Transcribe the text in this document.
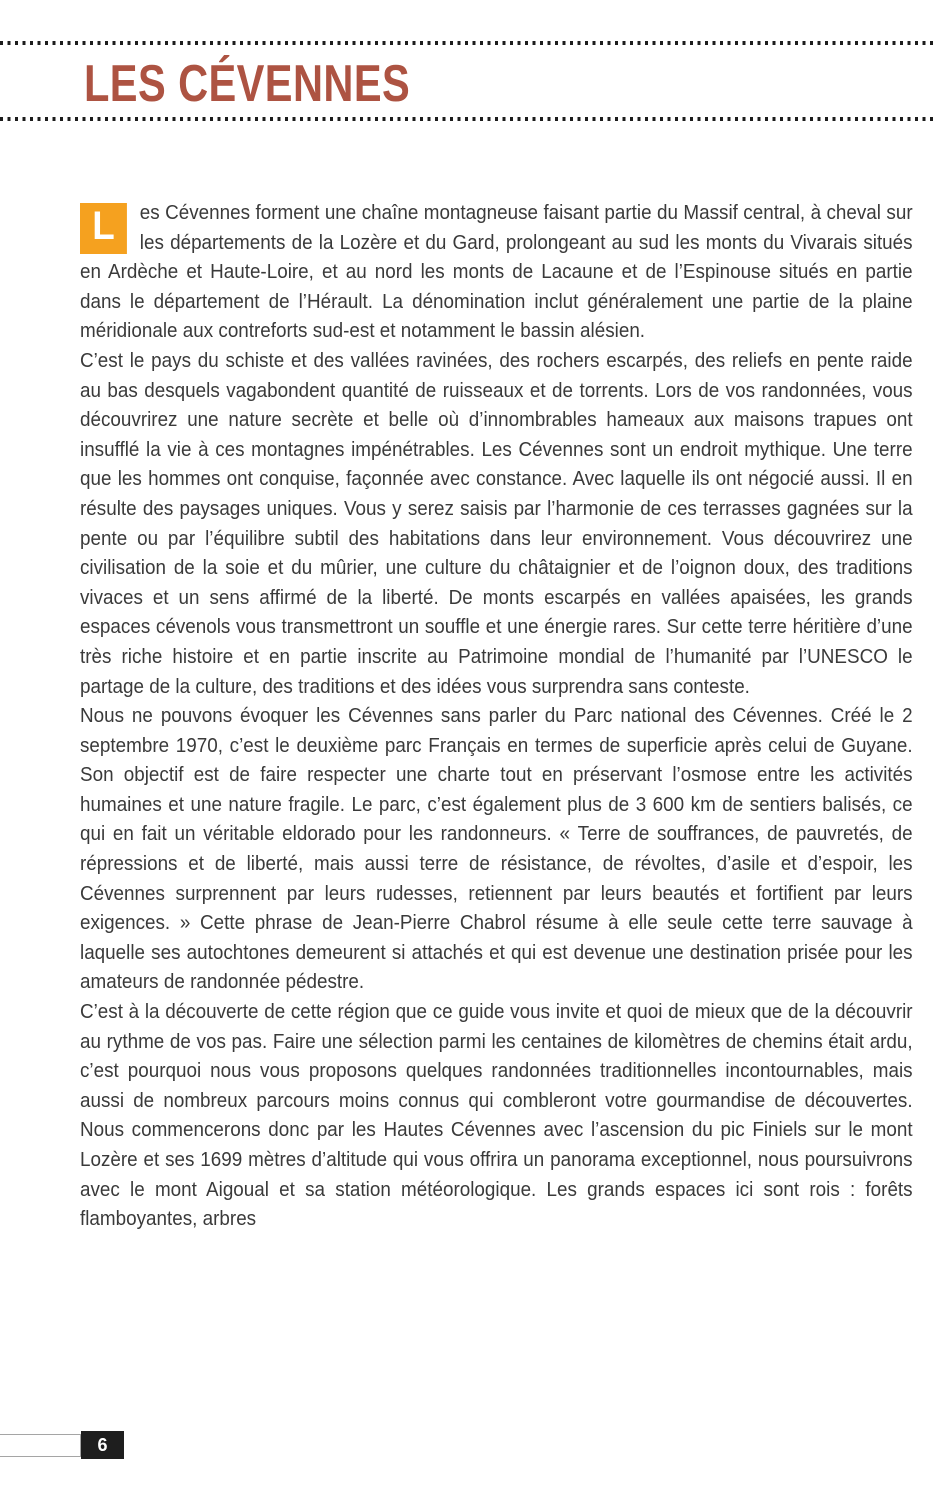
LES CÉVENNES

L	es Cévennes forment une chaîne montagneuse faisant partie du Massif central, à cheval sur les départements de la Lozère et du Gard, prolongeant au sud les monts du Vivarais situés en Ardèche et Haute-Loire, et au nord les monts de Lacaune et de l’Espinouse situés en partie dans le département de l’Hérault. La dénomination inclut généralement une partie de la plaine méridionale aux contreforts sud-est et notamment le bassin alésien.

C’est le pays du schiste et des vallées ravinées, des rochers escarpés, des reliefs en pente raide au bas desquels vagabondent quantité de ruisseaux et de torrents. Lors de vos randonnées, vous découvrirez une nature secrète et belle où d’innombrables hameaux aux maisons trapues ont insufflé la vie à ces montagnes impénétrables. Les Cévennes sont un endroit mythique. Une terre que les hommes ont conquise, façonnée avec constance. Avec laquelle ils ont négocié aussi. Il en résulte des paysages uniques. Vous y serez saisis par l’harmonie de ces terrasses gagnées sur la pente ou par l’équilibre subtil des habitations dans leur environnement. Vous découvrirez une civilisation de la soie et du mûrier, une culture du châtaignier et de l’oignon doux, des traditions vivaces et un sens affirmé de la liberté. De monts escarpés en vallées apaisées, les grands espaces cévenols vous transmettront un souffle et une énergie rares. Sur cette terre héritière d’une très riche histoire et en partie inscrite au Patrimoine mondial de l’humanité par l’UNESCO le partage de la culture, des traditions et des idées vous surprendra sans conteste.

Nous ne pouvons évoquer les Cévennes sans parler du Parc national des Cévennes. Créé le 2 septembre 1970, c’est le deuxième parc Français en termes de superficie après celui de Guyane. Son objectif est de faire respecter une charte tout en préservant l’osmose entre les activités humaines et une nature fragile. Le parc, c’est également plus de 3 600 km de sentiers balisés, ce qui en fait un véritable eldorado pour les randonneurs. « Terre de souffrances, de pauvretés, de répressions et de liberté, mais aussi terre de résistance, de révoltes, d’asile et d’espoir, les Cévennes surprennent par leurs rudesses, retiennent par leurs beautés et fortifient par leurs exigences. » Cette phrase de Jean-Pierre Chabrol résume à elle seule cette terre sauvage à laquelle ses autochtones demeurent si attachés et qui est devenue une destination prisée pour les amateurs de randonnée pédestre.

C’est à la découverte de cette région que ce guide vous invite et quoi de mieux que de la découvrir au rythme de vos pas. Faire une sélection parmi les centaines de kilomètres de chemins était ardu, c’est pourquoi nous vous proposons quelques randonnées traditionnelles incontournables, mais aussi de nombreux parcours moins connus qui combleront votre gourmandise de découvertes. Nous commencerons donc par les Hautes Cévennes avec l’ascension du pic Finiels sur le mont Lozère et ses 1699 mètres d’altitude qui vous offrira un panorama exceptionnel, nous poursuivrons avec le mont Aigoual et sa station météorologique. Les grands espaces ici sont rois : forêts flamboyantes, arbres

6
